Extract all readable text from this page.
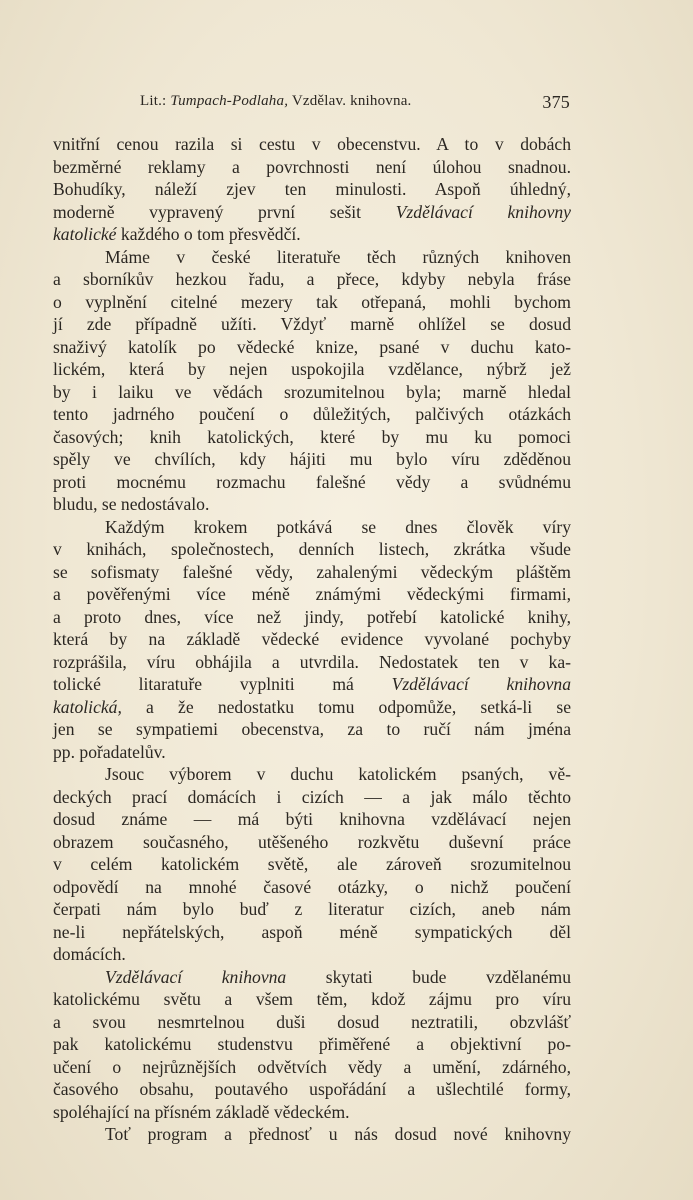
Lit.: Tumpach-Podlaha, Vzdělav. knihovna.	375
vnitřní cenou razila si cestu v obecenstvu. A to v dobách
bezměrné reklamy a povrchnosti není úlohou snadnou.
Bohudíky, náleží zjev ten minulosti. Aspoň úhledný,
moderně vypravený první sešit Vzdělávací knihovny
katolické každého o tom přesvědčí.
Máme v české literatuře těch různých knihoven
a sborníkův hezkou řadu, a přece, kdyby nebyla fráse
o vyplnění citelné mezery tak otřepaná, mohli bychom
jí zde případně užíti. Vždyť marně ohlížel se dosud
snaživý katolík po vědecké knize, psané v duchu kato-
lickém, která by nejen uspokojila vzdělance, nýbrž jež
by i laiku ve vědách srozumitelnou byla; marně hledal
tento jadrného poučení o důležitých, palčivých otázkách
časových; knih katolických, které by mu ku pomoci
spěly ve chvílích, kdy hájiti mu bylo víru zděděnou
proti mocnému rozmachu falešné vědy a svůdnému
bludu, se nedostávalo.
Každým krokem potkává se dnes člověk víry
v knihách, společnostech, denních listech, zkrátka všude
se sofismaty falešné vědy, zahalenými vědeckým pláštěm
a pověřenými více méně známými vědeckými firmami,
a proto dnes, více než jindy, potřebí katolické knihy,
která by na základě vědecké evidence vyvolané pochyby
rozprášila, víru obhájila a utvrdila. Nedostatek ten v ka-
tolické litaratuře vyplniti má Vzdělávací knihovna
katolická, a že nedostatku tomu odpomůže, setká-li se
jen se sympatiemi obecenstva, za to ručí nám jména
pp. pořadatelův.
Jsouc výborem v duchu katolickém psaných, vě-
deckých prací domácích i cizích — a jak málo těchto
dosud známe — má býti knihovna vzdělávací nejen
obrazem současného, utěšeného rozkvětu duševní práce
v celém katolickém světě, ale zároveň srozumitelnou
odpovědí na mnohé časové otázky, o nichž poučení
čerpati nám bylo buď z literatur cizích, aneb nám
ne-li nepřátelských, aspoň méně sympatických děl
domácích.
Vzdělávací knihovna skytati bude vzdělanému
katolickému světu a všem těm, kdož zájmu pro víru
a svou nesmrtelnou duši dosud neztratili, obzvlášť
pak katolickému studenstvu přiměřené a objektivní po-
učení o nejrůznějších odvětvích vědy a umění, zdárného,
časového obsahu, poutavého uspořádání a ušlechtilé formy,
spoléhající na přísném základě vědeckém.
Toť program a přednosť u nás dosud nové knihovny
